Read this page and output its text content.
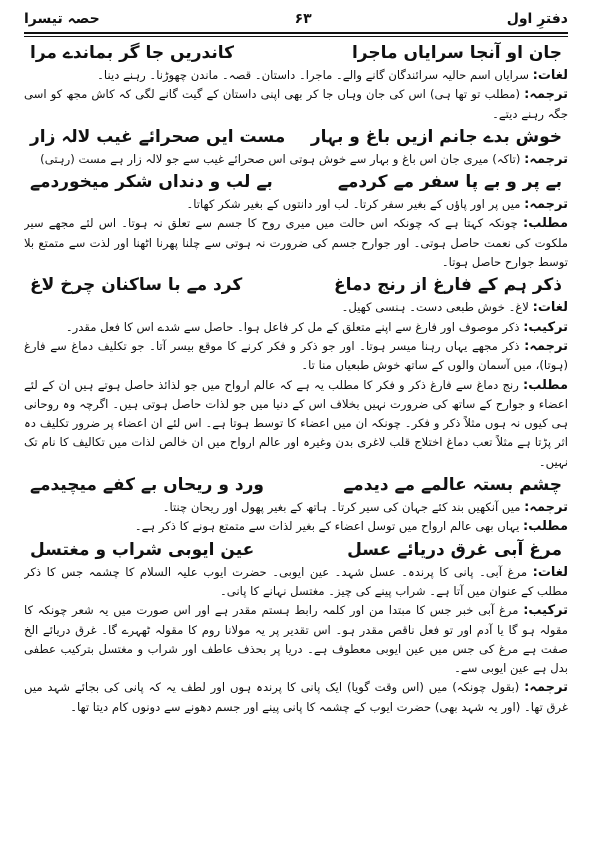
دفترِ اول
۶۳
حصہ تیسرا
جان او آنجا سرایاں ماجرا
کاندریں جا گر بماندے مرا

لغات: سرایاں اسم حالیہ سرائندگان گانے والے۔ ماجرا۔ داستان۔ قصہ۔ ماندن چھوڑنا۔ رہنے دینا۔

ترجمہ: (مطلب تو تھا ہی) اس کی جان وہاں جا کر بھی اپنی داستان کے گیت گانے لگی کہ کاش مجھ کو اسی جگہ رہنے دیتے۔

خوش بدے جانم ازیں باغ و بہار
مست ایں صحرائے غیب لالہ زار

ترجمہ: (تاکہ) میری جان اس باغ و بہار سے خوش ہوتی اس صحرائے غیب سے جو لالہ زار ہے مست (رہتی)

بے پر و بے پا سفر مے کردمے
بے لب و دنداں شکر میخوردمے

ترجمہ: میں پر اور پاؤں کے بغیر سفر کرتا۔ لب اور دانتوں کے بغیر شکر کھاتا۔

مطلب: چونکہ کہتا ہے کہ چونکہ اس حالت میں میری روح کا جسم سے تعلق نہ ہوتا۔ اس لئے مجھے سیر ملکوت کی نعمت حاصل ہوتی۔ اور جوارح جسم کی ضرورت نہ ہوتی سے چلنا پھرنا اٹھنا اور لذت سے متمتع بلا توسط جوارح حاصل ہوتا۔

ذکر ہم کے فارغ از رنج دماغ
کرد مے با ساکنان چرخ لاغ

لغات: لاغ۔ خوش طبعی دست۔ ہنسی کھیل۔

ترکیب: ذکر موصوف اور فارغ سے اپنے متعلق کے مل کر فاعل ہوا۔ حاصل سے شدے اس کا فعل مقدر۔

ترجمہ: ذکر مجھے یہاں رہنا میسر ہوتا۔ اور جو ذکر و فکر کرنے کا موقع بیسر آتا۔ جو تکلیف دماغ سے فارغ (ہوتا)، میں آسمان والوں کے ساتھ خوش طبعیاں منا تا۔

مطلب: رنج دماغ سے فارغ ذکر و فکر کا مطلب یہ ہے کہ عالم ارواح میں جو لذائذ حاصل ہوتے ہیں ان کے لئے اعضاء و جوارح کے ساتھ کی ضرورت نہیں بخلاف اس کے دنیا میں جو لذات حاصل ہوتی ہیں۔ اگرچہ وہ روحانی ہی کیوں نہ ہوں مثلاً ذکر و فکر۔ چونکہ ان میں اعضاء کا توسط ہوتا ہے۔ اس لئے ان اعضاء پر ضرور تکلیف دہ اثر پڑتا ہے مثلاً تعب دماغ اختلاج قلب لاغری بدن وغیرہ اور عالم ارواح میں ان خالص لذات میں تکالیف کا نام تک نہیں۔

چشم بستہ عالمے مے دیدمے
ورد و ریحاں بے کفے میچیدمے

ترجمہ: میں آنکھیں بند کئے جہان کی سیر کرتا۔ ہاتھ کے بغیر پھول اور ریحان چنتا۔

مطلب: یہاں بھی عالم ارواح میں توسل اعضاء کے بغیر لذات سے متمتع ہونے کا ذکر ہے۔

مرغ آبی غرق دریائے عسل
عین ایوبی شراب و مغتسل

لغات: مرغ آبی۔ پانی کا پرندہ۔ عسل شہد۔ عین ایوبی۔ حضرت ایوب علیہ السلام کا چشمہ جس کا ذکر مطلب کے عنوان میں آتا ہے۔ شراب پینے کی چیز۔ مغتسل نہانے کا پانی۔

ترکیب: مرغ آبی خبر جس کا مبتدا من اور کلمہ رابط ہستم مقدر ہے اور اس صورت میں یہ شعر چونکہ کا مقولہ ہو گا یا آدم اور تو فعل ناقص مقدر ہو۔ اس تقدیر پر یہ مولانا روم کا مقولہ ٹھہرے گا۔ غرق دریائے الخ صفت ہے مرغ کی جس میں عین ایوبی معطوف ہے۔ دریا پر بحذف عاطف اور شراب و مغتسل بترکیب عطفی بدل ہے عین ایوبی سے۔

ترجمہ: (بقول چونکہ) میں (اس وقت گویا) ایک پانی کا پرندہ ہوں اور لطف یہ کہ پانی کی بجائے شہد میں غرق تھا۔ (اور یہ شہد بھی) حضرت ایوب کے چشمہ کا پانی پینے اور جسم دھونے سے دونوں کام دیتا تھا۔
